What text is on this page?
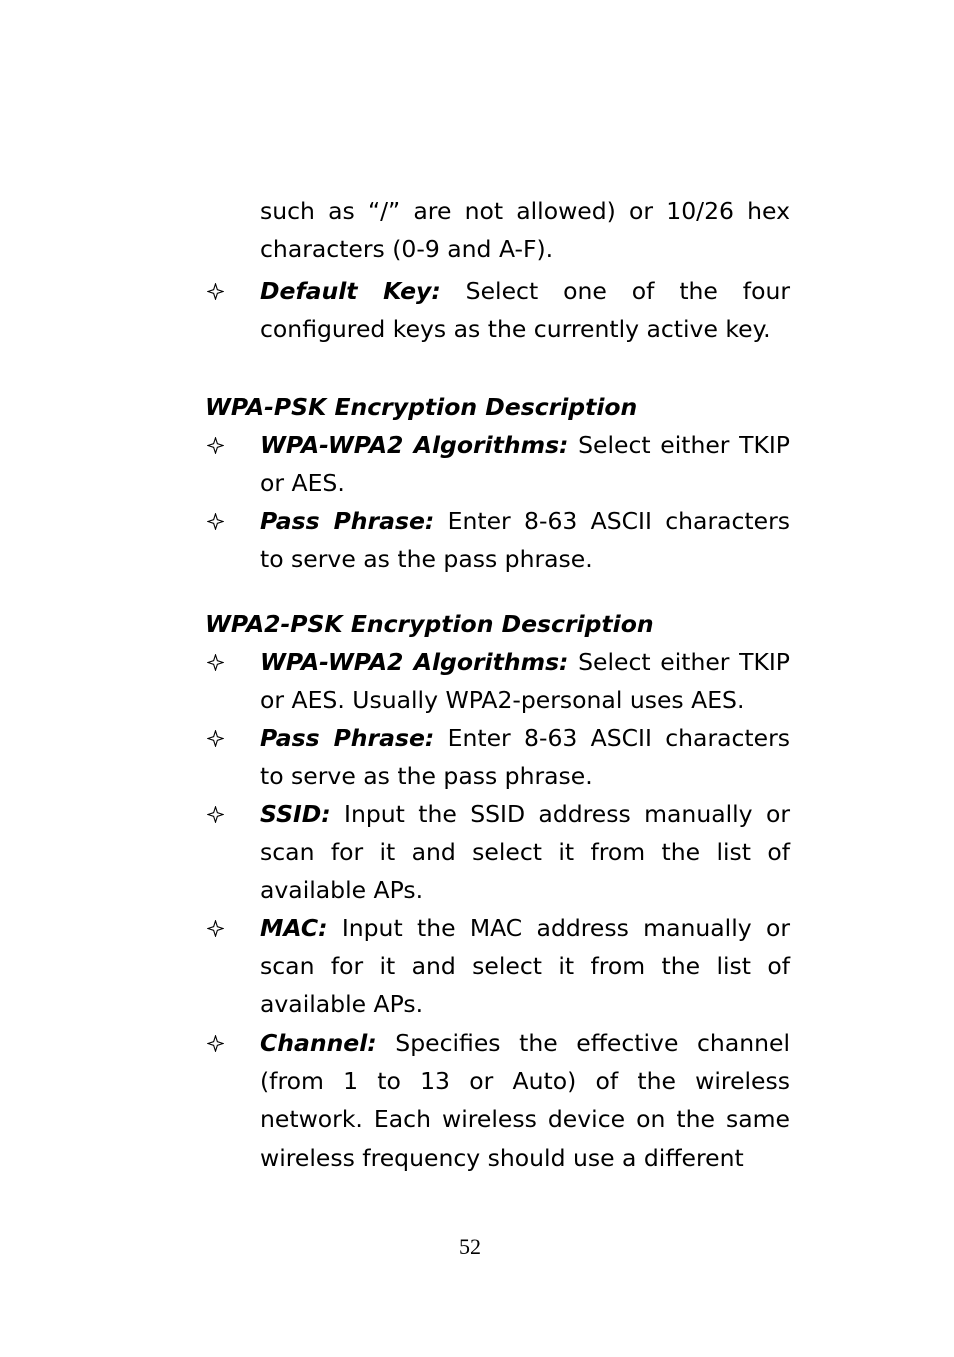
such as “/” are not allowed) or 10/26 hex characters (0-9 and A-F).
Default Key: Select one of the four configured keys as the currently active key.
WPA-PSK Encryption Description
WPA-WPA2 Algorithms: Select either TKIP or AES.
Pass Phrase: Enter 8-63 ASCII characters to serve as the pass phrase.
WPA2-PSK Encryption Description
WPA-WPA2 Algorithms: Select either TKIP or AES. Usually WPA2-personal uses AES.
Pass Phrase: Enter 8-63 ASCII characters to serve as the pass phrase.
SSID: Input the SSID address manually or scan for it and select it from the list of available APs.
MAC: Input the MAC address manually or scan for it and select it from the list of available APs.
Channel: Specifies the effective channel (from 1 to 13 or Auto) of the wireless network. Each wireless device on the same wireless frequency should use a different
52
